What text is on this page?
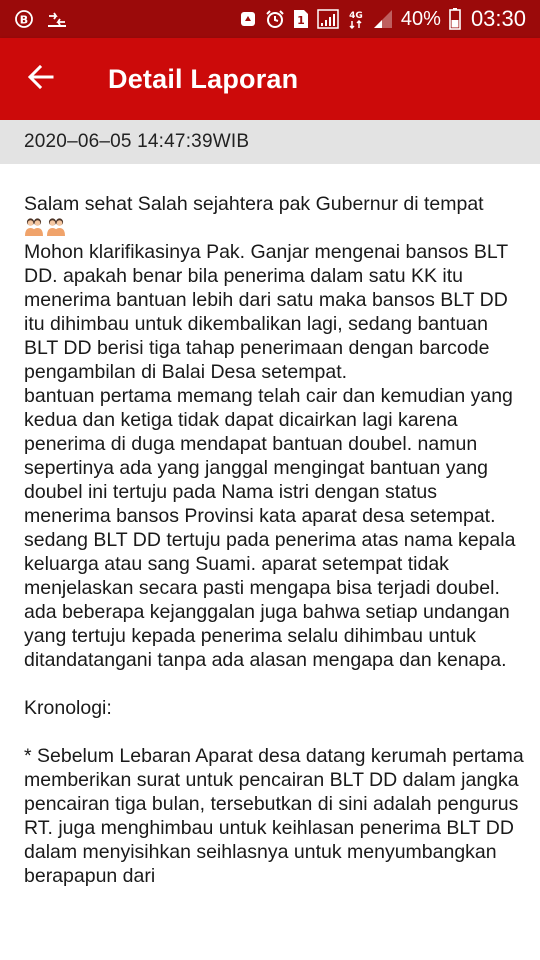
B	1	4G 40% 03:30
Detail Laporan
2020–06–05 14:47:39WIB

Salam sehat Salah sejahtera pak Gubernur di tempat

Mohon klarifikasinya Pak. Ganjar mengenai bansos BLT DD. apakah benar bila penerima dalam satu KK itu menerima bantuan lebih dari satu maka bansos BLT DD itu dihimbau untuk dikembalikan lagi, sedang bantuan BLT DD berisi tiga tahap penerimaan dengan barcode pengambilan di Balai Desa setempat.

bantuan pertama memang telah cair dan kemudian yang kedua dan ketiga tidak dapat dicairkan lagi karena penerima di duga mendapat bantuan doubel. namun sepertinya ada yang janggal mengingat bantuan yang doubel ini tertuju pada Nama istri dengan status menerima bansos Provinsi kata aparat desa setempat. sedang BLT DD tertuju pada penerima atas nama kepala keluarga atau sang Suami. aparat setempat tidak menjelaskan secara pasti mengapa bisa terjadi doubel. ada beberapa kejanggalan juga bahwa setiap undangan yang tertuju kepada penerima selalu dihimbau untuk ditandatangani tanpa ada alasan mengapa dan kenapa.

Kronologi:

* Sebelum Lebaran Aparat desa datang kerumah pertama memberikan surat untuk pencairan BLT DD dalam jangka pencairan tiga bulan, tersebutkan di sini adalah pengurus RT. juga menghimbau untuk keihlasan penerima BLT DD dalam menyisihkan seihlasnya untuk menyumbangkan berapapun dari
